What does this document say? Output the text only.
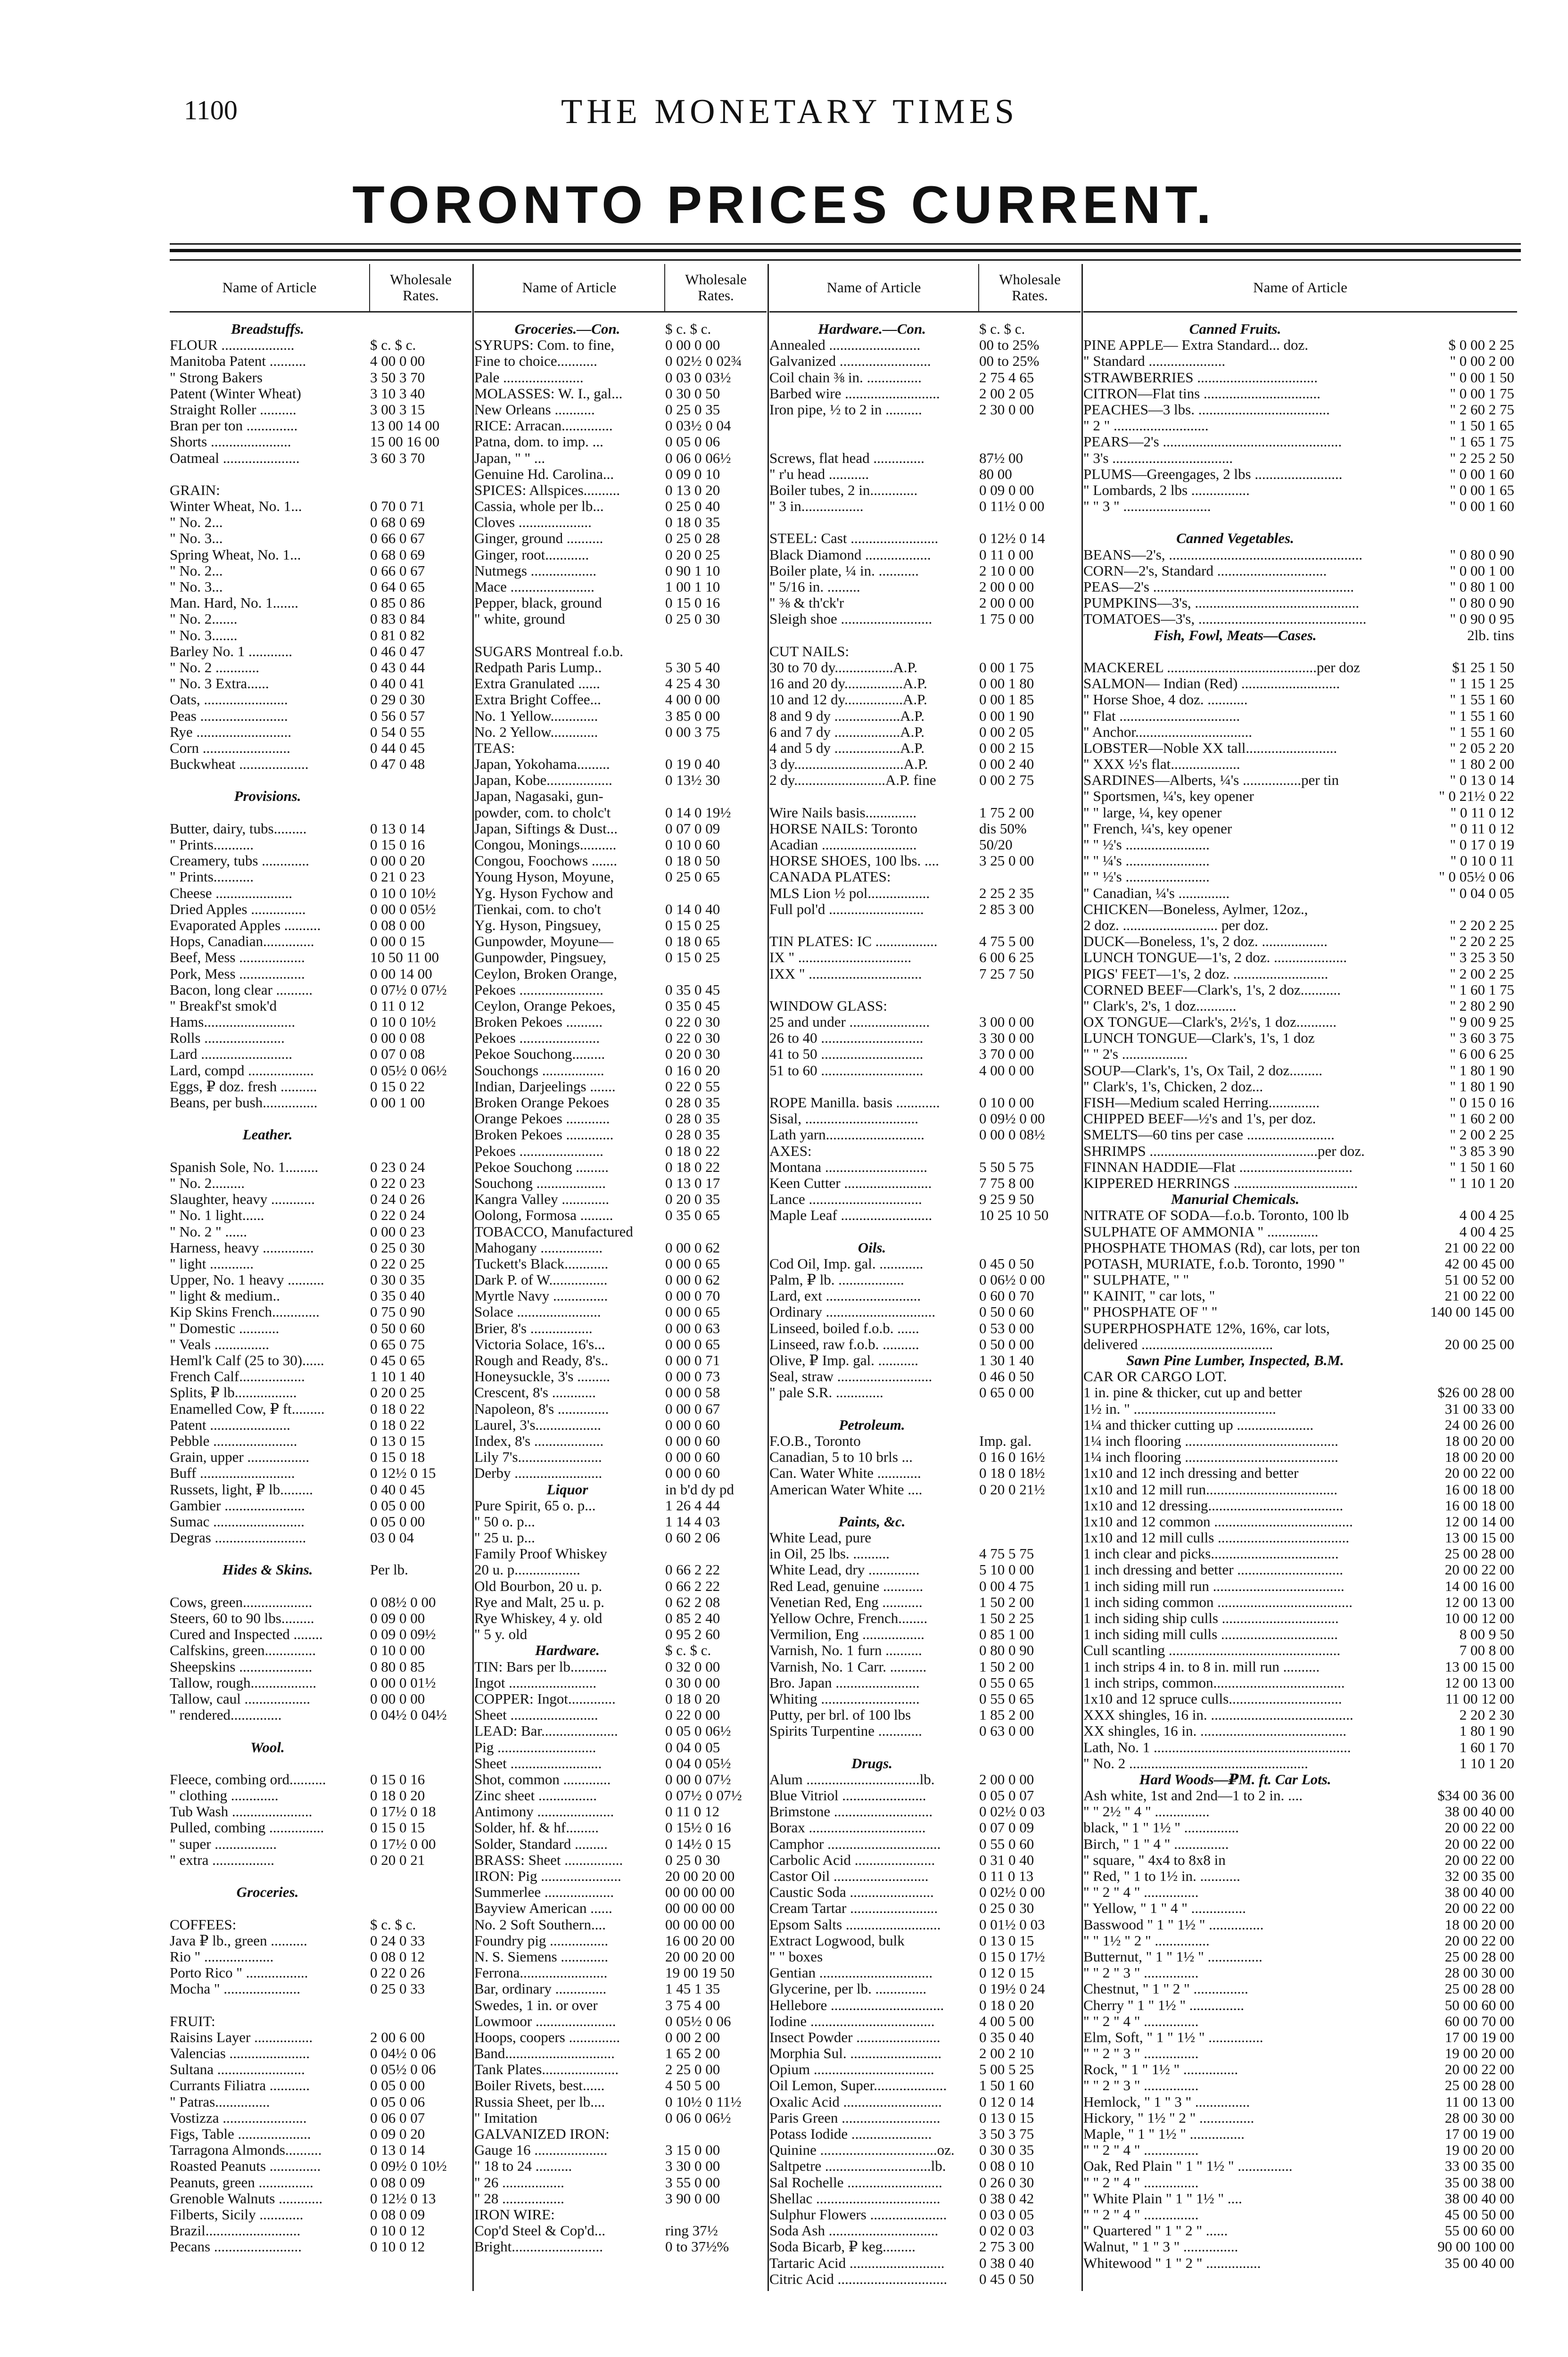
1100	THE MONETARY TIMES
TORONTO PRICES CURRENT.
Name of Article	Wholesale Rates.
Breadstuffs.
FLOUR ....................	$ c. $ c.
Manitoba Patent ..........	4 00 0 00
" Strong Bakers	3 50 3 70
Patent (Winter Wheat)	3 10 3 40
Straight Roller ..........	3 00 3 15
Bran per ton ..............	13 00 14 00
Shorts ......................	15 00 16 00
Oatmeal .....................	3 60 3 70
GRAIN:
Winter Wheat, No. 1...	0 70 0 71
" No. 2...	0 68 0 69
" No. 3...	0 66 0 67
Spring Wheat, No. 1...	0 68 0 69
" No. 2...	0 66 0 67
" No. 3...	0 64 0 65
Man. Hard, No. 1.......	0 85 0 86
" No. 2.......	0 83 0 84
" No. 3.......	0 81 0 82
Barley No. 1 ............	0 46 0 47
" No. 2 ............	0 43 0 44
" No. 3 Extra......	0 40 0 41
Oats, .......................	0 29 0 30
Peas ........................	0 56 0 57
Rye ..........................	0 54 0 55
Corn ........................	0 44 0 45
Buckwheat ...................	0 47 0 48
Provisions.
Butter, dairy, tubs.........	0 13 0 14
" Prints...........	0 15 0 16
Creamery, tubs .............	0 00 0 20
" Prints...........	0 21 0 23
Cheese .....................	0 10 0 10½
Dried Apples ...............	0 00 0 05½
Evaporated Apples ..........	0 08 0 00
Hops, Canadian..............	0 00 0 15
Beef, Mess ..................	10 50 11 00
Pork, Mess ..................	0 00 14 00
Bacon, long clear ..........	0 07½ 0 07½
" Breakf'st smok'd	0 11 0 12
Hams.........................	0 10 0 10½
Rolls ......................	0 00 0 08
Lard .........................	0 07 0 08
Lard, compd ..................	0 05½ 0 06½
Eggs, ₽ doz. fresh ..........	0 15 0 22
Beans, per bush...............	0 00 1 00
Leather.
Spanish Sole, No. 1.........	0 23 0 24
" No. 2.........	0 22 0 23
Slaughter, heavy ............	0 24 0 26
" No. 1 light......	0 22 0 24
" No. 2 " ......	0 00 0 23
Harness, heavy ..............	0 25 0 30
" light ............	0 22 0 25
Upper, No. 1 heavy ..........	0 30 0 35
" light & medium..	0 35 0 40
Kip Skins French.............	0 75 0 90
" Domestic ...........	0 50 0 60
" Veals ...............	0 65 0 75
Heml'k Calf (25 to 30)......	0 45 0 65
French Calf..................	1 10 1 40
Splits, ₽ lb.................	0 20 0 25
Enamelled Cow, ₽ ft.........	0 18 0 22
Patent ......................	0 18 0 22
Pebble .......................	0 13 0 15
Grain, upper .................	0 15 0 18
Buff ..........................	0 12½ 0 15
Russets, light, ₽ lb.........	0 40 0 45
Gambier ......................	0 05 0 00
Sumac .........................	0 05 0 00
Degras .........................	03 0 04
Hides & Skins.	Per lb.
Cows, green...................	0 08½ 0 00
Steers, 60 to 90 lbs.........	0 09 0 00
Cured and Inspected ........	0 09 0 09½
Calfskins, green..............	0 10 0 00
Sheepskins ....................	0 80 0 85
Tallow, rough..................	0 00 0 01½
Tallow, caul ..................	0 00 0 00
" rendered..............	0 04½ 0 04½
Wool.
Fleece, combing ord..........	0 15 0 16
" clothing .............	0 18 0 20
Tub Wash ......................	0 17½ 0 18
Pulled, combing ...............	0 15 0 15
" super .................	0 17½ 0 00
" extra .................	0 20 0 21
Groceries.
COFFEES:	$ c. $ c.
Java ₽ lb., green ..........	0 24 0 33
Rio " ...................	0 08 0 12
Porto Rico " .................	0 22 0 26
Mocha " .....................	0 25 0 33
FRUIT:
Raisins Layer ................	2 00 6 00
Valencias ......................	0 04½ 0 06
Sultana ........................	0 05½ 0 06
Currants Filiatra ...........	0 05 0 00
" Patras...............	0 05 0 06
Vostizza .......................	0 06 0 07
Figs, Table ....................	0 09 0 20
Tarragona Almonds..........	0 13 0 14
Roasted Peanuts ..............	0 09½ 0 10½
Peanuts, green ...............	0 08 0 09
Grenoble Walnuts ............	0 12½ 0 13
Filberts, Sicily ............	0 08 0 09
Brazil..........................	0 10 0 12
Pecans ........................	0 10 0 12
Name of Article	Wholesale Rates.
Groceries.—Con.	$ c. $ c.
SYRUPS: Com. to fine,	0 00 0 00
Fine to choice...........	0 02½ 0 02¾
Pale ......................	0 03 0 03½
MOLASSES: W. I., gal...	0 30 0 50
New Orleans ...........	0 25 0 35
RICE: Arracan..............	0 03½ 0 04
Patna, dom. to imp. ...	0 05 0 06
Japan, " " ...	0 06 0 06½
Genuine Hd. Carolina...	0 09 0 10
SPICES: Allspices..........	0 13 0 20
Cassia, whole per lb...	0 25 0 40
Cloves ....................	0 18 0 35
Ginger, ground ..........	0 25 0 28
Ginger, root............	0 20 0 25
Nutmegs ..................	0 90 1 10
Mace .......................	1 00 1 10
Pepper, black, ground	0 15 0 16
" white, ground	0 25 0 30
SUGARS Montreal f.o.b.
Redpath Paris Lump..	5 30 5 40
Extra Granulated ......	4 25 4 30
Extra Bright Coffee...	4 00 0 00
No. 1 Yellow.............	3 85 0 00
No. 2 Yellow.............	0 00 3 75
TEAS:
Japan, Yokohama.........	0 19 0 40
Japan, Kobe..................	0 13½ 30
Japan, Nagasaki, gun-
powder, com. to cholc't	0 14 0 19½
Japan, Siftings & Dust...	0 07 0 09
Congou, Monings..........	0 10 0 60
Congou, Foochows .......	0 18 0 50
Young Hyson, Moyune,	0 25 0 65
Yg. Hyson Fychow and
Tienkai, com. to cho't	0 14 0 40
Yg. Hyson, Pingsuey,	0 15 0 25
Gunpowder, Moyune—	0 18 0 65
Gunpowder, Pingsuey,	0 15 0 25
Ceylon, Broken Orange,
Pekoes .......................	0 35 0 45
Ceylon, Orange Pekoes,	0 35 0 45
Broken Pekoes ..........	0 22 0 30
Pekoes ......................	0 22 0 30
Pekoe Souchong.........	0 20 0 30
Souchongs .................	0 16 0 20
Indian, Darjeelings .......	0 22 0 55
Broken Orange Pekoes	0 28 0 35
Orange Pekoes ............	0 28 0 35
Broken Pekoes .............	0 28 0 35
Pekoes .......................	0 18 0 22
Pekoe Souchong .........	0 18 0 22
Souchong ...................	0 13 0 17
Kangra Valley .............	0 20 0 35
Oolong, Formosa .........	0 35 0 65
TOBACCO, Manufactured
Mahogany .................	0 00 0 62
Tuckett's Black............	0 00 0 65
Dark P. of W................	0 00 0 62
Myrtle Navy ...............	0 00 0 70
Solace .......................	0 00 0 65
Brier, 8's .................	0 00 0 63
Victoria Solace, 16's...	0 00 0 65
Rough and Ready, 8's..	0 00 0 71
Honeysuckle, 3's .........	0 00 0 73
Crescent, 8's ............	0 00 0 58
Napoleon, 8's ..............	0 00 0 67
Laurel, 3's..................	0 00 0 60
Index, 8's ...................	0 00 0 60
Lily 7's.......................	0 00 0 60
Derby ........................	0 00 0 60
Liquor	in b'd dy pd
Pure Spirit, 65 o. p...	1 26 4 44
" 50 o. p...	1 14 4 03
" 25 u. p...	0 60 2 06
Family Proof Whiskey
20 u. p..................	0 66 2 22
Old Bourbon, 20 u. p.	0 66 2 22
Rye and Malt, 25 u. p.	0 62 2 08
Rye Whiskey, 4 y. old	0 85 2 40
" 5 y. old	0 95 2 60
Hardware.	$ c. $ c.
TIN: Bars per lb..........	0 32 0 00
Ingot ........................	0 30 0 00
COPPER: Ingot.............	0 18 0 20
Sheet ........................	0 22 0 00
LEAD: Bar.....................	0 05 0 06½
Pig ...........................	0 04 0 05
Sheet .........................	0 04 0 05½
Shot, common .............	0 00 0 07½
Zinc sheet ................	0 07½ 0 07½
Antimony .....................	0 11 0 12
Solder, hf. & hf.........	0 15½ 0 16
Solder, Standard .........	0 14½ 0 15
BRASS: Sheet ................	0 25 0 30
IRON: Pig ......................	20 00 20 00
Summerlee ...................	00 00 00 00
Bayview American ......	00 00 00 00
No. 2 Soft Southern....	00 00 00 00
Foundry pig ................	16 00 20 00
N. S. Siemens .............	20 00 20 00
Ferrona........................	19 00 19 50
Bar, ordinary ..............	1 45 1 35
Swedes, 1 in. or over	3 75 4 00
Lowmoor ......................	0 05½ 0 06
Hoops, coopers ..............	0 00 2 00
Band..............................	1 65 2 00
Tank Plates.....................	2 25 0 00
Boiler Rivets, best......	4 50 5 00
Russia Sheet, per lb....	0 10½ 0 11½
" Imitation	0 06 0 06½
GALVANIZED IRON:
Gauge 16 ....................	3 15 0 00
" 18 to 24 ..........	3 30 0 00
" 26 .................	3 55 0 00
" 28 .................	3 90 0 00
IRON WIRE:
Cop'd Steel & Cop'd...	ring 37½
Bright.........................	0 to 37½%
Name of Article	Wholesale Rates.
Hardware.—Con.	$ c. $ c.
Annealed .........................	00 to 25%
Galvanized .........................	00 to 25%
Coil chain ⅜ in. ...............	2 75 4 65
Barbed wire ..........................	2 00 2 05
Iron pipe, ½ to 2 in ..........	2 30 0 00
Screws, flat head ..............	87½ 00
" r'u head ...........	80 00
Boiler tubes, 2 in.............	0 09 0 00
" 3 in.................	0 11½ 0 00
STEEL: Cast ........................	0 12½ 0 14
Black Diamond ..................	0 11 0 00
Boiler plate, ¼ in. ...........	2 10 0 00
" 5/16 in. .........	2 00 0 00
" ⅜ & th'ck'r	2 00 0 00
Sleigh shoe .........................	1 75 0 00
CUT NAILS:
30 to 70 dy................A.P.	0 00 1 75
16 and 20 dy................A.P.	0 00 1 80
10 and 12 dy................A.P.	0 00 1 85
8 and 9 dy ..................A.P.	0 00 1 90
6 and 7 dy ..................A.P.	0 00 2 05
4 and 5 dy ..................A.P.	0 00 2 15
3 dy..............................A.P.	0 00 2 40
2 dy.........................A.P. fine	0 00 2 75
Wire Nails basis..............	1 75 2 00
HORSE NAILS: Toronto	dis 50%
Acadian ..........................	50/20
HORSE SHOES, 100 lbs. ....	3 25 0 00
CANADA PLATES:
MLS Lion ½ pol.................	2 25 2 35
Full pol'd ..........................	2 85 3 00
TIN PLATES: IC .................	4 75 5 00
IX " ...............................	6 00 6 25
IXX " ...............................	7 25 7 50
WINDOW GLASS:
25 and under ......................	3 00 0 00
26 to 40 ............................	3 30 0 00
41 to 50 ............................	3 70 0 00
51 to 60 ............................	4 00 0 00
ROPE Manilla. basis ............	0 10 0 00
Sisal, ...............................	0 09½ 0 00
Lath yarn...........................	0 00 0 08½
AXES:
Montana ............................	5 50 5 75
Keen Cutter ........................	7 75 8 00
Lance ...............................	9 25 9 50
Maple Leaf .........................	10 25 10 50
Oils.
Cod Oil, Imp. gal. ............	0 45 0 50
Palm, ₽ lb. ..................	0 06½ 0 00
Lard, ext ..........................	0 60 0 70
Ordinary ..............................	0 50 0 60
Linseed, boiled f.o.b. ......	0 53 0 00
Linseed, raw f.o.b. ..........	0 50 0 00
Olive, ₽ Imp. gal. ...........	1 30 1 40
Seal, straw ..........................	0 46 0 50
" pale S.R. .............	0 65 0 00
Petroleum.
F.O.B., Toronto	Imp. gal.
Canadian, 5 to 10 brls ...	0 16 0 16½
Can. Water White ............	0 18 0 18½
American Water White ....	0 20 0 21½
Paints, &c.
White Lead, pure
in Oil, 25 lbs. ..........	4 75 5 75
White Lead, dry ..............	5 10 0 00
Red Lead, genuine ...........	0 00 4 75
Venetian Red, Eng ...........	1 50 2 00
Yellow Ochre, French........	1 50 2 25
Vermilion, Eng .................	0 85 1 00
Varnish, No. 1 furn ..........	0 80 0 90
Varnish, No. 1 Carr. ..........	1 50 2 00
Bro. Japan .......................	0 55 0 65
Whiting ...........................	0 55 0 65
Putty, per brl. of 100 lbs	1 85 2 00
Spirits Turpentine ............	0 63 0 00
Drugs.
Alum ...............................lb.	2 00 0 00
Blue Vitriol .......................	0 05 0 07
Brimstone ...........................	0 02½ 0 03
Borax ................................	0 07 0 09
Camphor ...............................	0 55 0 60
Carbolic Acid ......................	0 31 0 40
Castor Oil ..........................	0 11 0 13
Caustic Soda .......................	0 02½ 0 00
Cream Tartar ........................	0 25 0 30
Epsom Salts ..........................	0 01½ 0 03
Extract Logwood, bulk	0 13 0 15
" " boxes	0 15 0 17½
Gentian ...............................	0 12 0 15
Glycerine, per lb. ..............	0 19½ 0 24
Hellebore ...............................	0 18 0 20
Iodine ..................................	4 00 5 00
Insect Powder .......................	0 35 0 40
Morphia Sul. .........................	2 00 2 10
Opium .................................	5 00 5 25
Oil Lemon, Super....................	1 50 1 60
Oxalic Acid ...........................	0 12 0 14
Paris Green ...........................	0 13 0 15
Potass Iodide ......................	3 50 3 75
Quinine ................................oz.	0 30 0 35
Saltpetre .............................lb.	0 08 0 10
Sal Rochelle ..........................	0 26 0 30
Shellac ..................................	0 38 0 42
Sulphur Flowers .....................	0 03 0 05
Soda Ash ..............................	0 02 0 03
Soda Bicarb, ₽ keg.........	2 75 3 00
Tartaric Acid ..........................	0 38 0 40
Citric Acid ..............................	0 45 0 50
Name of Article
Canned Fruits.
PINE APPLE— Extra Standard... doz.	$ 0 00 2 25
" Standard .....................	" 0 00 2 00
STRAWBERRIES .................................	" 0 00 1 50
CITRON—Flat tins ................................	" 0 00 1 75
PEACHES—3 lbs. ....................................	" 2 60 2 75
" 2 " ..........................	" 1 50 1 65
PEARS—2's .................................................	" 1 65 1 75
" 3's .................................	" 2 25 2 50
PLUMS—Greengages, 2 lbs ........................	" 0 00 1 60
" Lombards, 2 lbs ................	" 0 00 1 65
" " 3 " ........................	" 0 00 1 60
Canned Vegetables.
BEANS—2's, .....................................................	" 0 80 0 90
CORN—2's, Standard ..............................	" 0 00 1 00
PEAS—2's .......................................................	" 0 80 1 00
PUMPKINS—3's, .............................................	" 0 80 0 90
TOMATOES—3's, ..............................................	" 0 90 0 95
Fish, Fowl, Meats—Cases.	2lb. tins
MACKEREL .........................................per doz	$1 25 1 50
SALMON— Indian (Red) ...........................	" 1 15 1 25
" Horse Shoe, 4 doz. ...........	" 1 55 1 60
" Flat .................................	" 1 55 1 60
" Anchor................................	" 1 55 1 60
LOBSTER—Noble XX tall.........................	" 2 05 2 20
" XXX ½'s flat...................	" 1 80 2 00
SARDINES—Alberts, ¼'s ................per tin	" 0 13 0 14
" Sportsmen, ¼'s, key opener	" 0 21½ 0 22
" " large, ¼, key opener	" 0 11 0 12
" French, ¼'s, key opener	" 0 11 0 12
" " ½'s .......................	" 0 17 0 19
" " ¼'s .......................	" 0 10 0 11
" " ½'s .......................	" 0 05½ 0 06
" Canadian, ¼'s ..............	" 0 04 0 05
CHICKEN—Boneless, Aylmer, 12oz.,
2 doz. .......................... per doz.	" 2 20 2 25
DUCK—Boneless, 1's, 2 doz. ..................	" 2 20 2 25
LUNCH TONGUE—1's, 2 doz. ....................	" 3 25 3 50
PIGS' FEET—1's, 2 doz. ..........................	" 2 00 2 25
CORNED BEEF—Clark's, 1's, 2 doz...........	" 1 60 1 75
" Clark's, 2's, 1 doz...........	" 2 80 2 90
OX TONGUE—Clark's, 2½'s, 1 doz...........	" 9 00 9 25
LUNCH TONGUE—Clark's, 1's, 1 doz	" 3 60 3 75
" " 2's ..................	" 6 00 6 25
SOUP—Clark's, 1's, Ox Tail, 2 doz.........	" 1 80 1 90
" Clark's, 1's, Chicken, 2 doz...	" 1 80 1 90
FISH—Medium scaled Herring..............	" 0 15 0 16
CHIPPED BEEF—½'s and 1's, per doz.	" 1 60 2 00
SMELTS—60 tins per case ........................	" 2 00 2 25
SHRIMPS ..............................................per doz.	" 3 85 3 90
FINNAN HADDIE—Flat ...............................	" 1 50 1 60
KIPPERED HERRINGS ..................................	" 1 10 1 20
Manurial Chemicals.
NITRATE OF SODA—f.o.b. Toronto, 100 lb	4 00 4 25
SULPHATE OF AMMONIA " ..............	4 00 4 25
PHOSPHATE THOMAS (Rd), car lots, per ton	21 00 22 00
POTASH, MURIATE, f.o.b. Toronto, 1990 "	42 00 45 00
" SULPHATE, " "	51 00 52 00
" KAINIT, " car lots, "	21 00 22 00
" PHOSPHATE OF " "	140 00 145 00
SUPERPHOSPHATE 12%, 16%, car lots,
delivered ....................................	20 00 25 00
Sawn Pine Lumber, Inspected, B.M.
CAR OR CARGO LOT.
1 in. pine & thicker, cut up and better	$26 00 28 00
1½ in. " .......................................	31 00 33 00
1¼ and thicker cutting up .....................	24 00 26 00
1¼ inch flooring ..........................................	18 00 20 00
1¼ inch flooring ..........................................	18 00 20 00
1x10 and 12 inch dressing and better	20 00 22 00
1x10 and 12 mill run....................................	16 00 18 00
1x10 and 12 dressing.....................................	16 00 18 00
1x10 and 12 common ......................................	12 00 14 00
1x10 and 12 mill culls ....................................	13 00 15 00
1 inch clear and picks...................................	25 00 28 00
1 inch dressing and better .............................	20 00 22 00
1 inch siding mill run ....................................	14 00 16 00
1 inch siding common .....................................	12 00 13 00
1 inch siding ship culls ................................	10 00 12 00
1 inch siding mill culls ................................	8 00 9 50
Cull scantling ...............................................	7 00 8 00
1 inch strips 4 in. to 8 in. mill run ..........	13 00 15 00
1 inch strips, common....................................	12 00 13 00
1x10 and 12 spruce culls...............................	11 00 12 00
XXX shingles, 16 in. .......................................	2 20 2 30
XX shingles, 16 in. ........................................	1 80 1 90
Lath, No. 1 ......................................................	1 60 1 70
" No. 2 .................................................	1 10 1 20
Hard Woods—₽M. ft. Car Lots.
Ash white, 1st and 2nd—1 to 2 in. ....	$34 00 36 00
" " 2½ " 4 " ...............	38 00 40 00
black, " 1 " 1½ " ...............	20 00 22 00
Birch, " 1 " 4 " ...............	20 00 22 00
" square, " 4x4 to 8x8 in	20 00 22 00
" Red, " 1 to 1½ in. ...........	32 00 35 00
" " 2 " 4 " ...............	38 00 40 00
" Yellow, " 1 " 4 " ...............	20 00 22 00
Basswood " 1 " 1½ " ...............	18 00 20 00
" " 1½ " 2 " ...............	20 00 22 00
Butternut, " 1 " 1½ " ...............	25 00 28 00
" " 2 " 3 " ...............	28 00 30 00
Chestnut, " 1 " 2 " ...............	25 00 28 00
Cherry " 1 " 1½ " ...............	50 00 60 00
" " 2 " 4 " ...............	60 00 70 00
Elm, Soft, " 1 " 1½ " ...............	17 00 19 00
" " 2 " 3 " ...............	19 00 20 00
Rock, " 1 " 1½ " ...............	20 00 22 00
" " 2 " 3 " ...............	25 00 28 00
Hemlock, " 1 " 3 " ...............	11 00 13 00
Hickory, " 1½ " 2 " ...............	28 00 30 00
Maple, " 1 " 1½ " ...............	17 00 19 00
" " 2 " 4 " ...............	19 00 20 00
Oak, Red Plain " 1 " 1½ " ...............	33 00 35 00
" " 2 " 4 " ...............	35 00 38 00
" White Plain " 1 " 1½ " ....	38 00 40 00
" " 2 " 4 " ...............	45 00 50 00
" Quartered " 1 " 2 " ......	55 00 60 00
Walnut, " 1 " 3 " ...............	90 00 100 00
Whitewood " 1 " 2 " ...............	35 00 40 00
